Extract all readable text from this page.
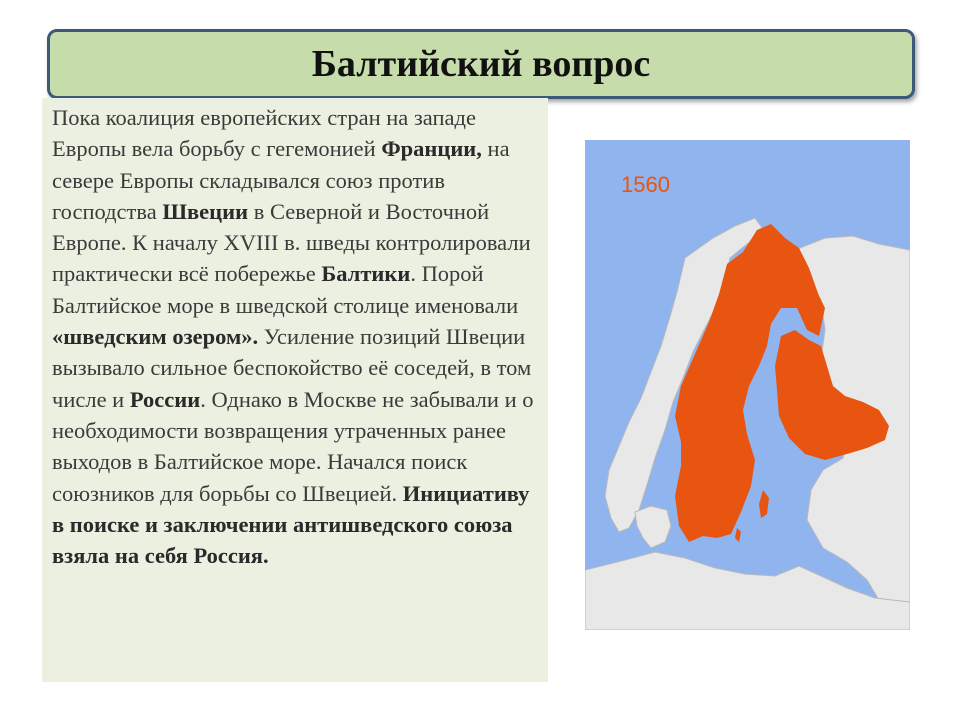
Балтийский вопрос

Пока коалиция европейских стран на западе Европы вела борьбу с гегемонией Франции, на севере Европы складывался союз против господства Швеции в Северной и Восточной Европе. К началу XVIII в. шведы контролировали практически всё побережье Балтики. Порой Балтийское море в шведской столице именовали «шведским озером». Усиление позиций Швеции вызывало сильное беспокойство её соседей, в том числе и России. Однако в Москве не забывали и о необходимости возвращения утраченных ранее выходов в Балтийское море. Начался поиск союзников для борьбы со Швецией. Инициативу в поиске и заключении антишведского союза взяла на себя Россия.

1560
